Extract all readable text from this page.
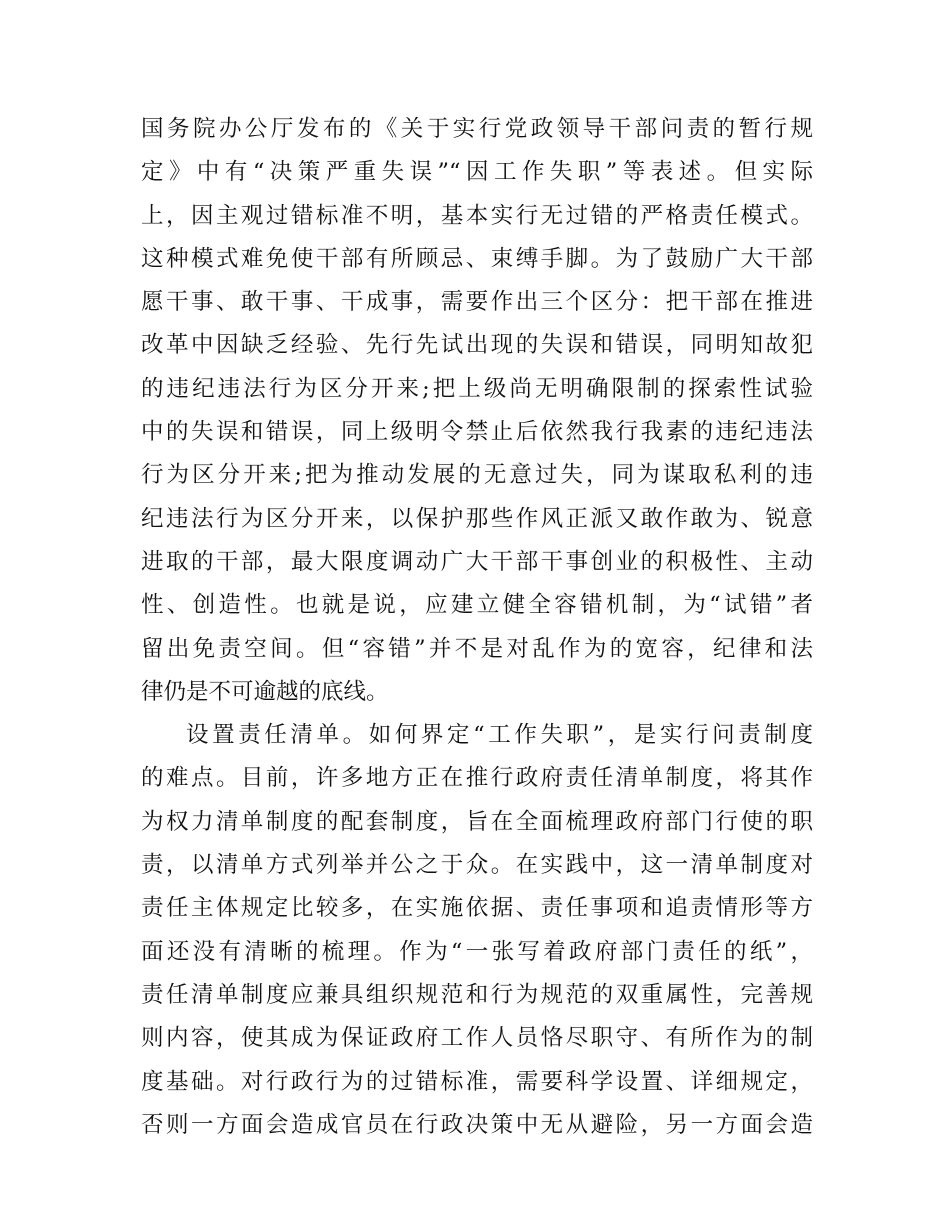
国务院办公厅发布的《关于实行党政领导干部问责的暂行规
定》中有“决策严重失误”“因工作失职”等表述。但实际
上，因主观过错标准不明，基本实行无过错的严格责任模式。
这种模式难免使干部有所顾忌、束缚手脚。为了鼓励广大干部
愿干事、敢干事、干成事，需要作出三个区分：把干部在推进
改革中因缺乏经验、先行先试出现的失误和错误，同明知故犯
的违纪违法行为区分开来;把上级尚无明确限制的探索性试验
中的失误和错误，同上级明令禁止后依然我行我素的违纪违法
行为区分开来;把为推动发展的无意过失，同为谋取私利的违
纪违法行为区分开来，以保护那些作风正派又敢作敢为、锐意
进取的干部，最大限度调动广大干部干事创业的积极性、主动
性、创造性。也就是说，应建立健全容错机制，为“试错”者
留出免责空间。但“容错”并不是对乱作为的宽容，纪律和法
律仍是不可逾越的底线。
设置责任清单。如何界定“工作失职”，是实行问责制度
的难点。目前，许多地方正在推行政府责任清单制度，将其作
为权力清单制度的配套制度，旨在全面梳理政府部门行使的职
责，以清单方式列举并公之于众。在实践中，这一清单制度对
责任主体规定比较多，在实施依据、责任事项和追责情形等方
面还没有清晰的梳理。作为“一张写着政府部门责任的纸”，
责任清单制度应兼具组织规范和行为规范的双重属性，完善规
则内容，使其成为保证政府工作人员恪尽职守、有所作为的制
度基础。对行政行为的过错标准，需要科学设置、详细规定，
否则一方面会造成官员在行政决策中无从避险，另一方面会造
